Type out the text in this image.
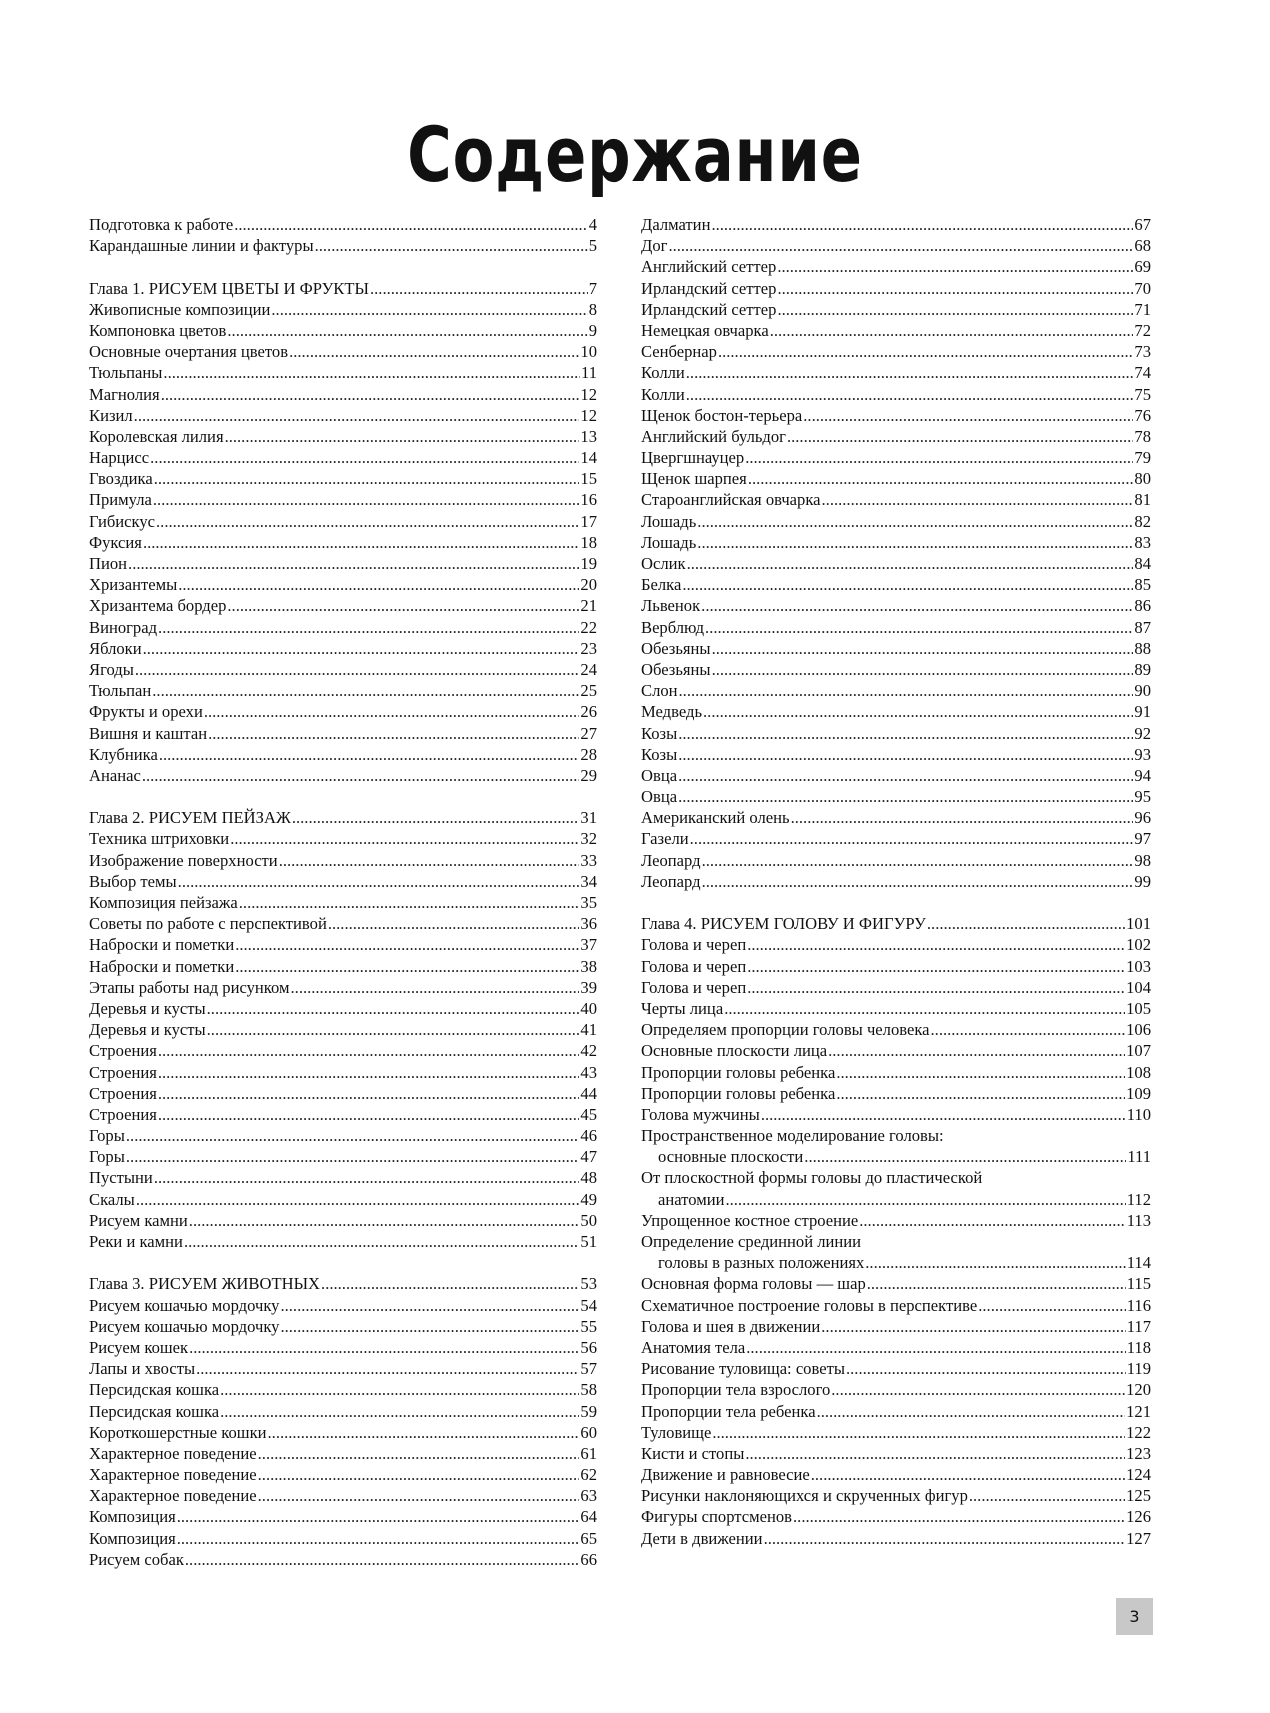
Содержание
Подготовка к работе .....	4
Карандашные линии и фактуры .....	5
Глава 1. РИСУЕМ ЦВЕТЫ И ФРУКТЫ .....	7
Живописные композиции .....	8
Компоновка цветов .....	9
Основные очертания цветов .....	10
Тюльпаны .....	11
Магнолия .....	12
Кизил .....	12
Королевская лилия .....	13
Нарцисс .....	14
Гвоздика .....	15
Примула .....	16
Гибискус .....	17
Фуксия .....	18
Пион .....	19
Хризантемы .....	20
Хризантема бордер .....	21
Виноград .....	22
Яблоки .....	23
Ягоды .....	24
Тюльпан .....	25
Фрукты и орехи .....	26
Вишня и каштан .....	27
Клубника .....	28
Ананас .....	29
Глава 2. РИСУЕМ ПЕЙЗАЖ .....	31
Техника штриховки .....	32
Изображение поверхности .....	33
Выбор темы .....	34
Композиция пейзажа .....	35
Советы по работе с перспективой .....	36
Наброски и пометки .....	37
Наброски и пометки .....	38
Этапы работы над рисунком .....	39
Деревья и кусты .....	40
Деревья и кусты .....	41
Строения .....	42
Строения .....	43
Строения .....	44
Строения .....	45
Горы .....	46
Горы .....	47
Пустыни .....	48
Скалы .....	49
Рисуем камни .....	50
Реки и камни .....	51
Глава 3. РИСУЕМ ЖИВОТНЫХ .....	53
Рисуем кошачью мордочку .....	54
Рисуем кошачью мордочку .....	55
Рисуем кошек .....	56
Лапы и хвосты .....	57
Персидская кошка .....	58
Персидская кошка .....	59
Короткошерстные кошки .....	60
Характерное поведение .....	61
Характерное поведение .....	62
Характерное поведение .....	63
Композиция .....	64
Композиция .....	65
Рисуем собак .....	66
Далматин .....	67
Дог .....	68
Английский сеттер .....	69
Ирландский сеттер .....	70
Ирландский сеттер .....	71
Немецкая овчарка .....	72
Сенбернар .....	73
Колли .....	74
Колли .....	75
Щенок бостон-терьера .....	76
Английский бульдог .....	78
Цвергшнауцер .....	79
Щенок шарпея .....	80
Староанглийская овчарка .....	81
Лошадь .....	82
Лошадь .....	83
Ослик .....	84
Белка .....	85
Львенок .....	86
Верблюд .....	87
Обезьяны .....	88
Обезьяны .....	89
Слон .....	90
Медведь .....	91
Козы .....	92
Козы .....	93
Овца .....	94
Овца .....	95
Американский олень .....	96
Газели .....	97
Леопард .....	98
Леопард .....	99
Глава 4. РИСУЕМ ГОЛОВУ И ФИГУРУ .....	101
Голова и череп .....	102
Голова и череп .....	103
Голова и череп .....	104
Черты лица .....	105
Определяем пропорции головы человека .....	106
Основные плоскости лица .....	107
Пропорции головы ребенка .....	108
Пропорции головы ребенка .....	109
Голова мужчины .....	110
Пространственное моделирование головы:
основные плоскости .....	111
От плоскостной формы головы до пластической
анатомии .....	112
Упрощенное костное строение .....	113
Определение срединной линии
головы в разных положениях .....	114
Основная форма головы — шар .....	115
Схематичное построение головы в перспективе .....	116
Голова и шея в движении .....	117
Анатомия тела .....	118
Рисование туловища: советы .....	119
Пропорции тела взрослого .....	120
Пропорции тела ребенка .....	121
Туловище .....	122
Кисти и стопы .....	123
Движение и равновесие .....	124
Рисунки наклоняющихся и скрученных фигур .....	125
Фигуры спортсменов .....	126
Дети в движении .....	127
3
